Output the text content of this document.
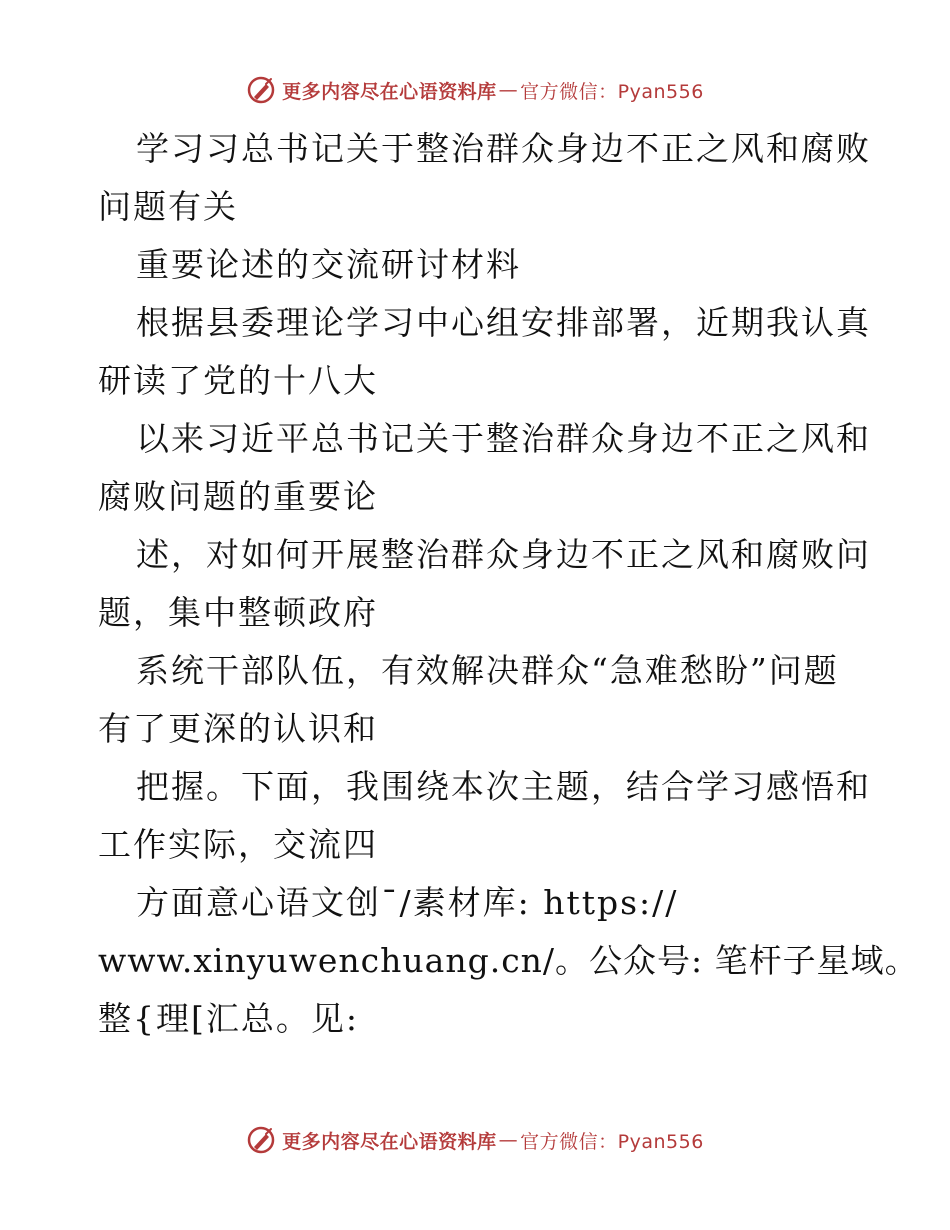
更多内容尽在心语资料库 — 官方微信：Pyan556
学习习总书记关于整治群众身边不正之风和腐败
问题有关
重要论述的交流研讨材料
根据县委理论学习中心组安排部署，近期我认真
研读了党的十八大
以来习近平总书记关于整治群众身边不正之风和
腐败问题的重要论
述，对如何开展整治群众身边不正之风和腐败问
题，集中整顿政府
系统干部队伍，有效解决群众“急难愁盼”问题
有了更深的认识和
把握。下面，我围绕本次主题，结合学习感悟和
工作实际，交流四
方面意心语文创¯/素材库: https://
www.xinyuwenchuang.cn/。公众号: 笔杆子星域。
整{理[汇总。见:
更多内容尽在心语资料库 — 官方微信：Pyan556
